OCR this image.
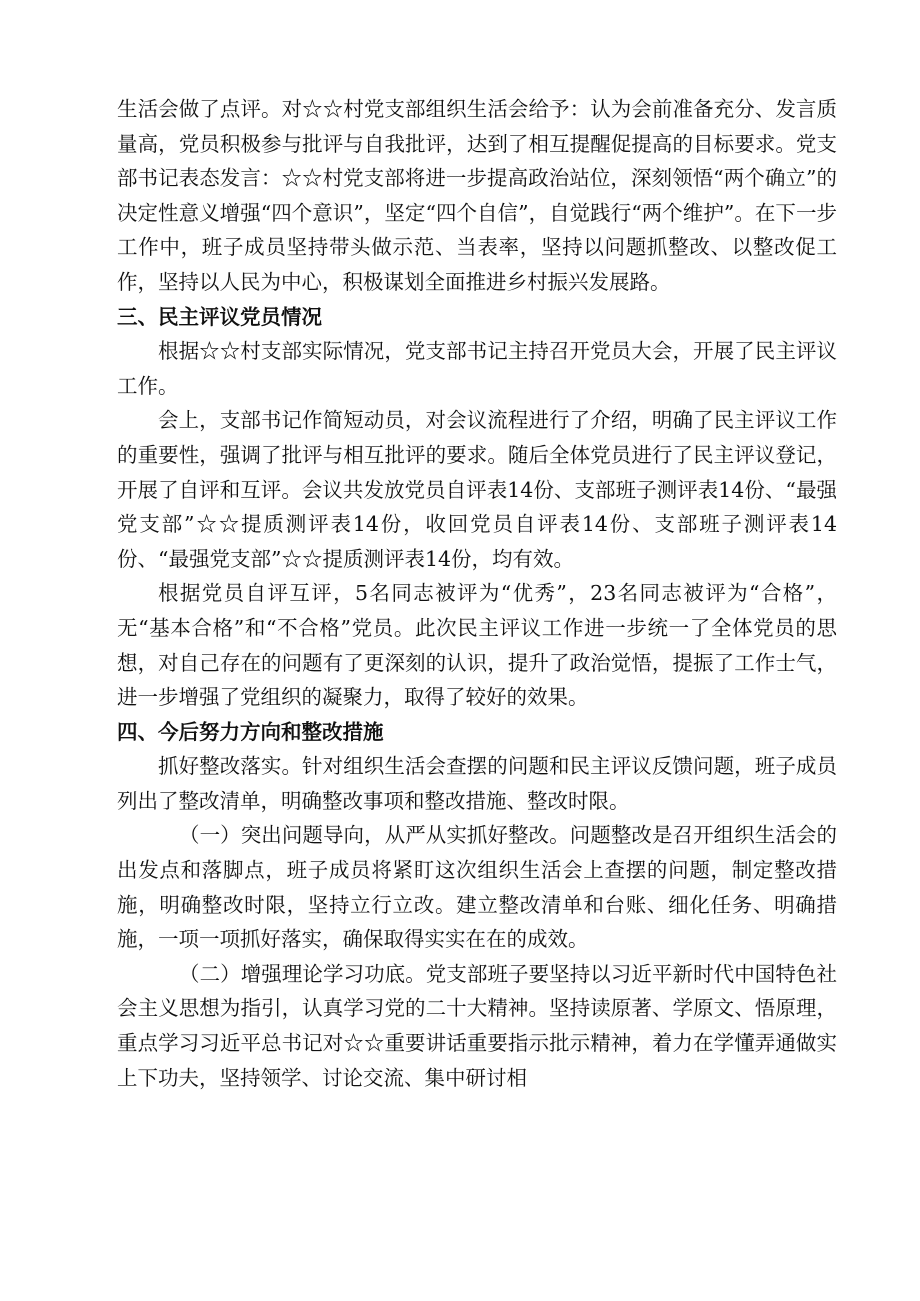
生活会做了点评。对☆☆村党支部组织生活会给予：认为会前准备充分、发言质量高，党员积极参与批评与自我批评，达到了相互提醒促提高的目标要求。党支部书记表态发言：☆☆村党支部将进一步提高政治站位，深刻领悟“两个确立”的决定性意义增强“四个意识”，坚定“四个自信”，自觉践行“两个维护”。在下一步工作中，班子成员坚持带头做示范、当表率，坚持以问题抓整改、以整改促工作，坚持以人民为中心，积极谋划全面推进乡村振兴发展路。

三、民主评议党员情况

根据☆☆村支部实际情况，党支部书记主持召开党员大会，开展了民主评议工作。

会上，支部书记作简短动员，对会议流程进行了介绍，明确了民主评议工作的重要性，强调了批评与相互批评的要求。随后全体党员进行了民主评议登记，开展了自评和互评。会议共发放党员自评表14份、支部班子测评表14份、“最强党支部”☆☆提质测评表14份，收回党员自评表14份、支部班子测评表14份、“最强党支部”☆☆提质测评表14份，均有效。

根据党员自评互评，5名同志被评为“优秀”，23名同志被评为“合格”，无“基本合格”和“不合格”党员。此次民主评议工作进一步统一了全体党员的思想，对自己存在的问题有了更深刻的认识，提升了政治觉悟，提振了工作士气，进一步增强了党组织的凝聚力，取得了较好的效果。

四、今后努力方向和整改措施

抓好整改落实。针对组织生活会查摆的问题和民主评议反馈问题，班子成员列出了整改清单，明确整改事项和整改措施、整改时限。

（一）突出问题导向，从严从实抓好整改。问题整改是召开组织生活会的出发点和落脚点，班子成员将紧盯这次组织生活会上查摆的问题，制定整改措施，明确整改时限，坚持立行立改。建立整改清单和台账、细化任务、明确措施，一项一项抓好落实，确保取得实实在在的成效。

（二）增强理论学习功底。党支部班子要坚持以习近平新时代中国特色社会主义思想为指引，认真学习党的二十大精神。坚持读原著、学原文、悟原理，重点学习习近平总书记对☆☆重要讲话重要指示批示精神，着力在学懂弄通做实上下功夫，坚持领学、讨论交流、集中研讨相
